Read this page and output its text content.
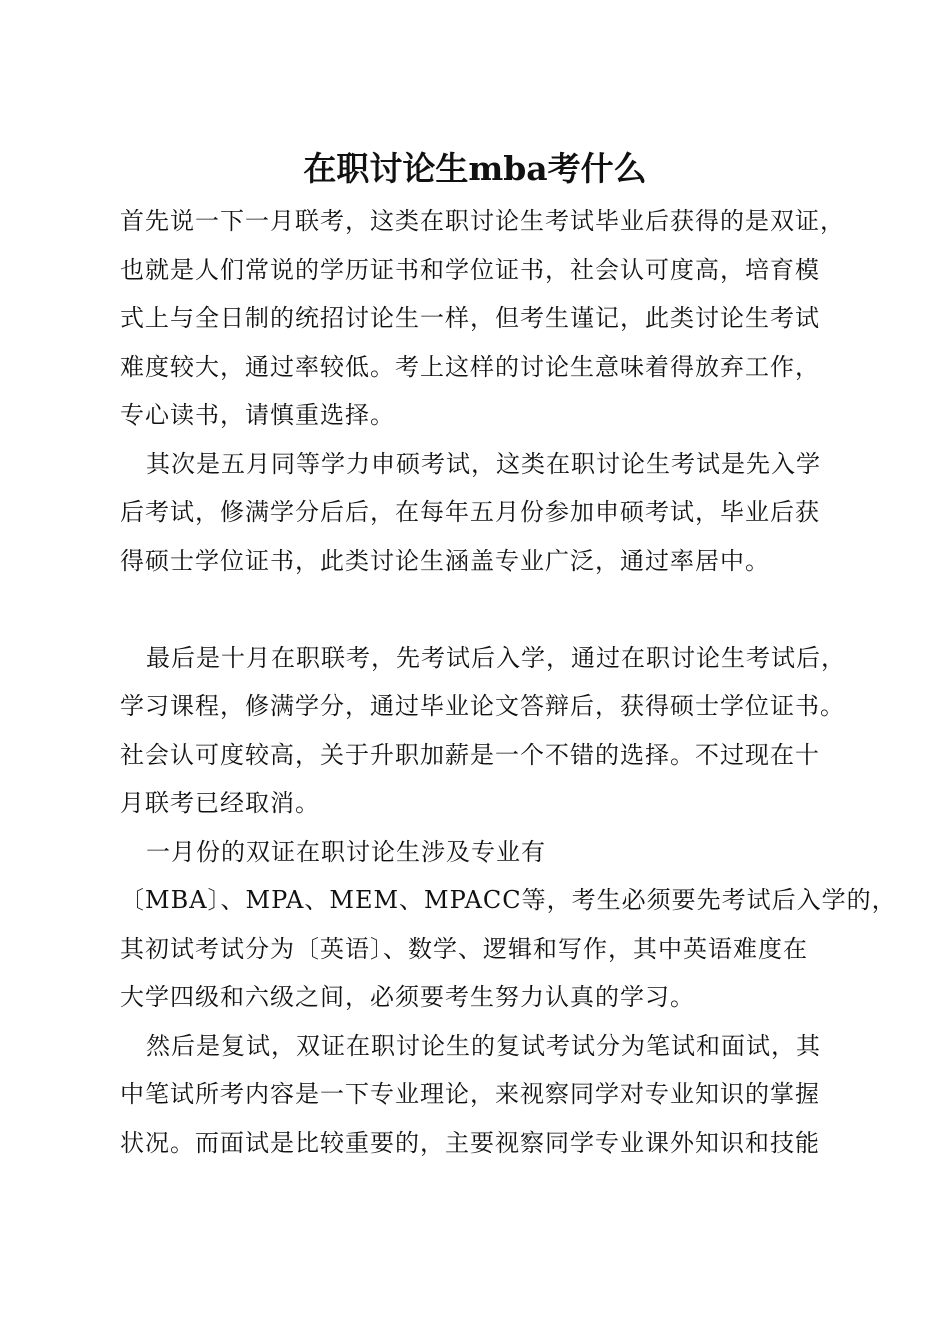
在职讨论生mba考什么
首先说一下一月联考，这类在职讨论生考试毕业后获得的是双证，
也就是人们常说的学历证书和学位证书，社会认可度高，培育模
式上与全日制的统招讨论生一样，但考生谨记，此类讨论生考试
难度较大，通过率较低。考上这样的讨论生意味着得放弃工作，
专心读书，请慎重选择。
其次是五月同等学力申硕考试，这类在职讨论生考试是先入学
后考试，修满学分后后，在每年五月份参加申硕考试，毕业后获
得硕士学位证书，此类讨论生涵盖专业广泛，通过率居中。
最后是十月在职联考，先考试后入学，通过在职讨论生考试后，
学习课程，修满学分，通过毕业论文答辩后，获得硕士学位证书。
社会认可度较高，关于升职加薪是一个不错的选择。不过现在十
月联考已经取消。
一月份的双证在职讨论生涉及专业有
〔MBA〕、MPA、MEM、MPACC等，考生必须要先考试后入学的，
其初试考试分为〔英语〕、数学、逻辑和写作，其中英语难度在
大学四级和六级之间，必须要考生努力认真的学习。
然后是复试，双证在职讨论生的复试考试分为笔试和面试，其
中笔试所考内容是一下专业理论，来视察同学对专业知识的掌握
状况。而面试是比较重要的，主要视察同学专业课外知识和技能
